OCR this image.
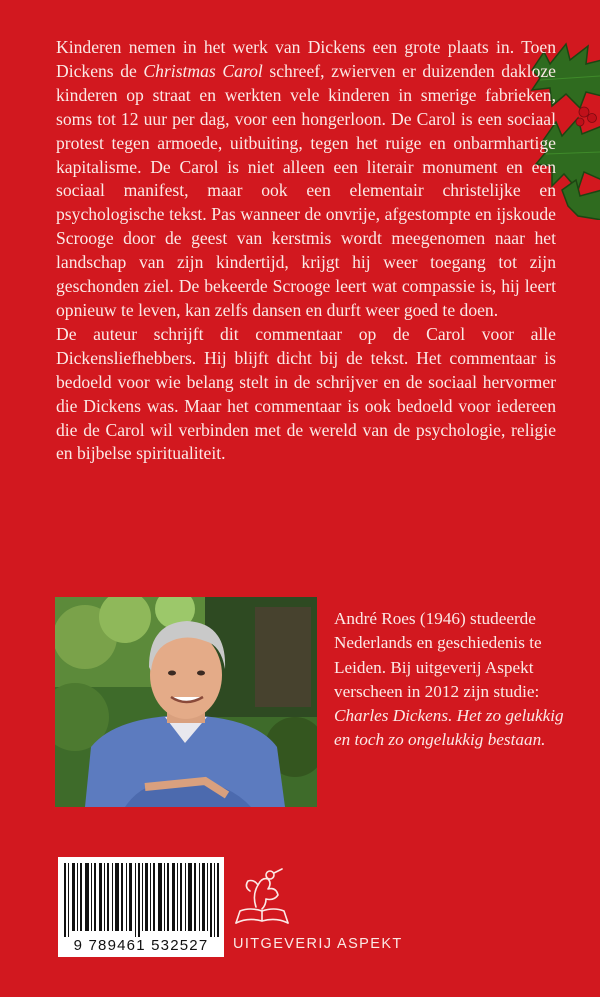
Kinderen nemen in het werk van Dickens een grote plaats in. Toen Dickens de Christmas Carol schreef, zwierven er duizenden dakloze kinderen op straat en werkten vele kinderen in smerige fabrieken, soms tot 12 uur per dag, voor een hongerloon. De Carol is een sociaal protest tegen armoede, uitbuiting, tegen het ruige en onbarmhartige kapitalisme. De Carol is niet alleen een literair monument en een sociaal manifest, maar ook een elementair christelijke en psychologische tekst. Pas wanneer de onvrije, afgestompte en ijskoude Scrooge door de geest van kerstmis wordt meegenomen naar het landschap van zijn kindertijd, krijgt hij weer toegang tot zijn geschonden ziel. De bekeerde Scrooge leert wat compassie is, hij leert opnieuw te leven, kan zelfs dansen en durft weer goed te doen.

De auteur schrijft dit commentaar op de Carol voor alle Dickensliefhebbers. Hij blijft dicht bij de tekst. Het commentaar is bedoeld voor wie belang stelt in de schrijver en de sociaal hervormer die Dickens was. Maar het commentaar is ook bedoeld voor iedereen die de Carol wil verbinden met de wereld van de psychologie, religie en bijbelse spiritualiteit.

André Roes (1946) studeerde Nederlands en geschiedenis te Leiden. Bij uitgeverij Aspekt verscheen in 2012 zijn studie: Charles Dickens. Het zo gelukkig en toch zo ongelukkig bestaan.

9 789461 532527	UITGEVERIJ ASPEKT
